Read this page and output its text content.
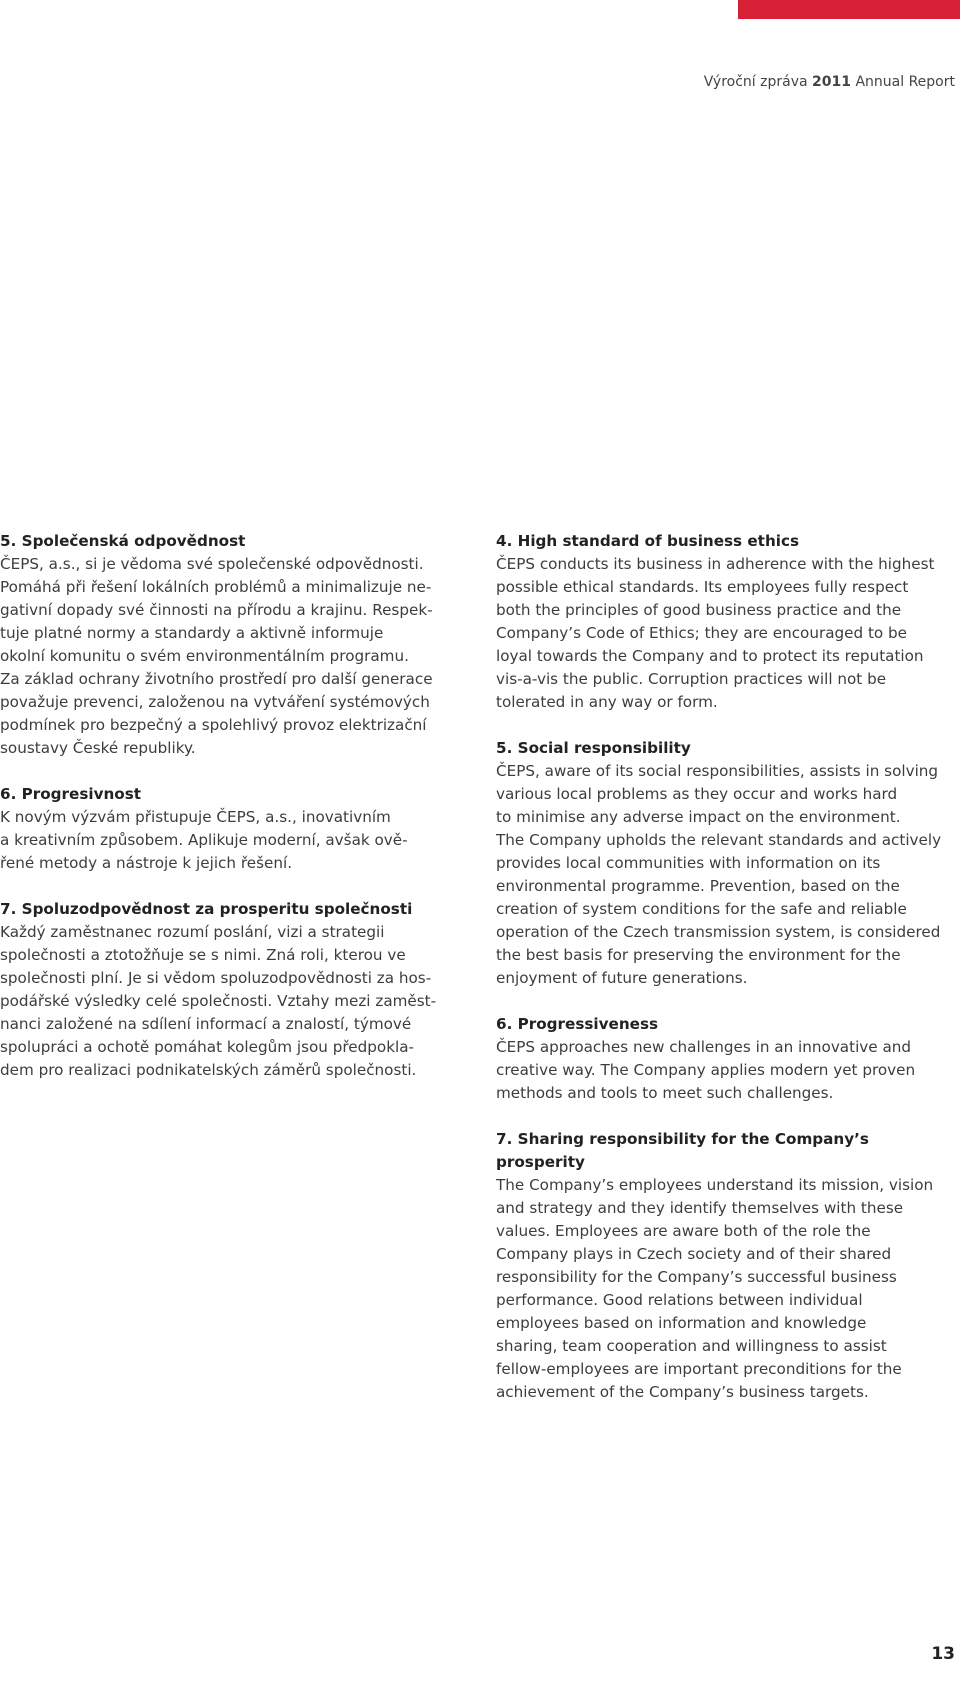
Výroční zpráva 2011 Annual Report
5. Společenská odpovědnost

ČEPS, a.s., si je vědoma své společenské odpovědnosti.
Pomáhá při řešení lokálních problémů a minimalizuje ne-
gativní dopady své činnosti na přírodu a krajinu. Respek-
tuje platné normy a standardy a aktivně informuje
okolní komunitu o svém environmentálním programu.
Za základ ochrany životního prostředí pro další generace
považuje prevenci, založenou na vytváření systémových
podmínek pro bezpečný a spolehlivý provoz elektrizační
soustavy České republiky.

6. Progresivnost

K novým výzvám přistupuje ČEPS, a.s., inovativním
a kreativním způsobem. Aplikuje moderní, avšak ově-
řené metody a nástroje k jejich řešení.

7. Spoluzodpovědnost za prosperitu společnosti

Každý zaměstnanec rozumí poslání, vizi a strategii
společnosti a ztotožňuje se s nimi. Zná roli, kterou ve
společnosti plní. Je si vědom spoluzodpovědnosti za hos-
podářské výsledky celé společnosti. Vztahy mezi zaměst-
nanci založené na sdílení informací a znalostí, týmové
spolupráci a ochotě pomáhat kolegům jsou předpokla-
dem pro realizaci podnikatelských záměrů společnosti.

4. High standard of business ethics

ČEPS conducts its business in adherence with the highest
possible ethical standards. Its employees fully respect
both the principles of good business practice and the
Company’s Code of Ethics; they are encouraged to be
loyal towards the Company and to protect its reputation
vis-a-vis the public. Corruption practices will not be
tolerated in any way or form.

5. Social responsibility

ČEPS, aware of its social responsibilities, assists in solving
various local problems as they occur and works hard
to minimise any adverse impact on the environment.
The Company upholds the relevant standards and actively
provides local communities with information on its
environmental programme. Prevention, based on the
creation of system conditions for the safe and reliable
operation of the Czech transmission system, is considered
the best basis for preserving the environment for the
enjoyment of future generations.

6. Progressiveness

ČEPS approaches new challenges in an innovative and
creative way. The Company applies modern yet proven
methods and tools to meet such challenges.

7. Sharing responsibility for the Company’s prosperity

The Company’s employees understand its mission, vision
and strategy and they identify themselves with these
values. Employees are aware both of the role the
Company plays in Czech society and of their shared
responsibility for the Company’s successful business
performance. Good relations between individual
employees based on information and knowledge
sharing, team cooperation and willingness to assist
fellow-employees are important preconditions for the
achievement of the Company’s business targets.

13
